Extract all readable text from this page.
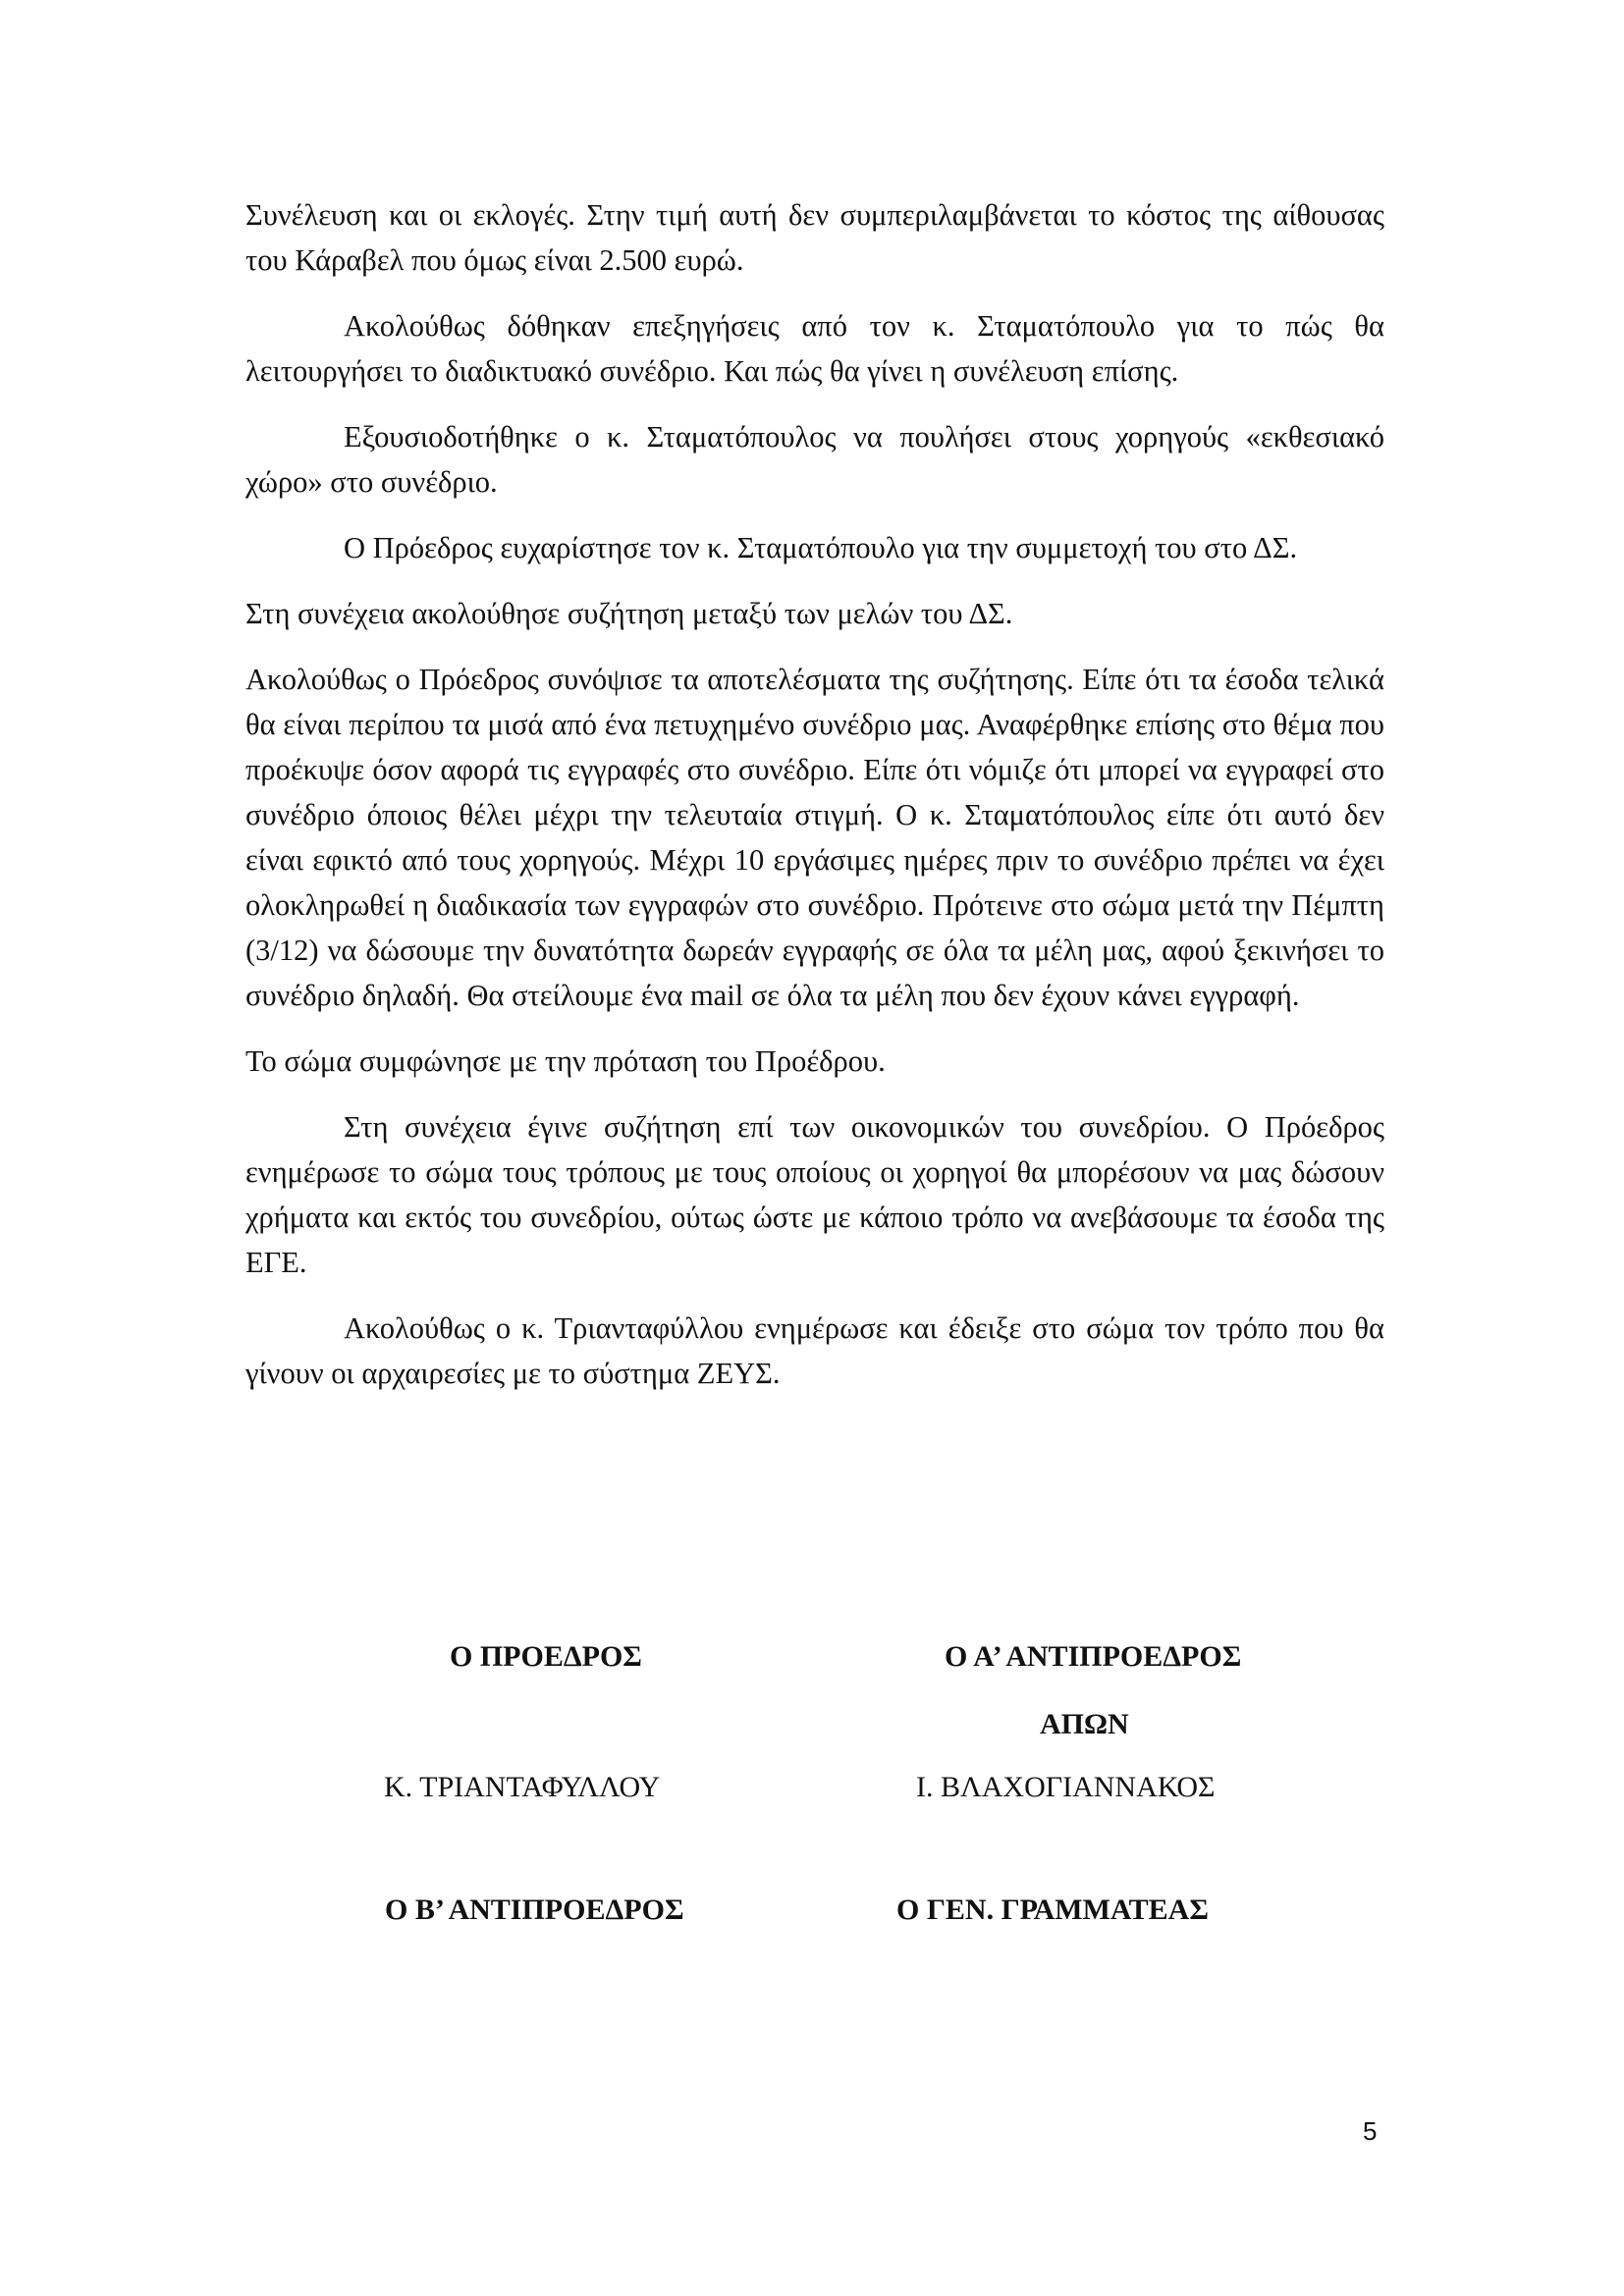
Συνέλευση και οι εκλογές. Στην τιμή αυτή δεν συμπεριλαμβάνεται το κόστος της αίθουσας του Κάραβελ που όμως είναι 2.500 ευρώ.

Ακολούθως δόθηκαν επεξηγήσεις από τον κ. Σταματόπουλο για το πώς θα λειτουργήσει το διαδικτυακό συνέδριο. Και πώς θα γίνει η συνέλευση επίσης.

Εξουσιοδοτήθηκε ο κ. Σταματόπουλος να πουλήσει στους χορηγούς «εκθεσιακό χώρο» στο συνέδριο.

Ο Πρόεδρος ευχαρίστησε τον κ. Σταματόπουλο για την συμμετοχή του στο ΔΣ.

Στη συνέχεια ακολούθησε συζήτηση μεταξύ των μελών του ΔΣ.

Ακολούθως ο Πρόεδρος συνόψισε τα αποτελέσματα της συζήτησης. Είπε ότι τα έσοδα τελικά θα είναι περίπου τα μισά από ένα πετυχημένο συνέδριο μας. Αναφέρθηκε επίσης στο θέμα που προέκυψε όσον αφορά τις εγγραφές στο συνέδριο. Είπε ότι νόμιζε ότι μπορεί να εγγραφεί στο συνέδριο όποιος θέλει μέχρι την τελευταία στιγμή. Ο κ. Σταματόπουλος είπε ότι αυτό δεν είναι εφικτό από τους χορηγούς. Μέχρι 10 εργάσιμες ημέρες πριν το συνέδριο πρέπει να έχει ολοκληρωθεί η διαδικασία των εγγραφών στο συνέδριο. Πρότεινε στο σώμα μετά την Πέμπτη (3/12) να δώσουμε την δυνατότητα δωρεάν εγγραφής σε όλα τα μέλη μας, αφού ξεκινήσει το συνέδριο δηλαδή. Θα στείλουμε ένα mail σε όλα τα μέλη που δεν έχουν κάνει εγγραφή.

Το σώμα συμφώνησε με την πρόταση του Προέδρου.

Στη συνέχεια έγινε συζήτηση επί των οικονομικών του συνεδρίου. Ο Πρόεδρος ενημέρωσε το σώμα τους τρόπους με τους οποίους οι χορηγοί θα μπορέσουν να μας δώσουν χρήματα και εκτός του συνεδρίου, ούτως ώστε με κάποιο τρόπο να ανεβάσουμε τα έσοδα της ΕΓΕ.

Ακολούθως ο κ. Τριανταφύλλου ενημέρωσε και έδειξε στο σώμα τον τρόπο που θα γίνουν οι αρχαιρεσίες με το σύστημα ΖΕΥΣ.

Ο ΠΡΟΕΔΡΟΣ	Ο Α’ ΑΝΤΙΠΡΟΕΔΡΟΣ
ΑΠΩΝ
Κ. ΤΡΙΑΝΤΑΦΥΛΛΟΥ	Ι. ΒΛΑΧΟΓΙΑΝΝΑΚΟΣ
Ο Β’ ΑΝΤΙΠΡΟΕΔΡΟΣ	Ο ΓΕΝ. ΓΡΑΜΜΑΤΕΑΣ
5
